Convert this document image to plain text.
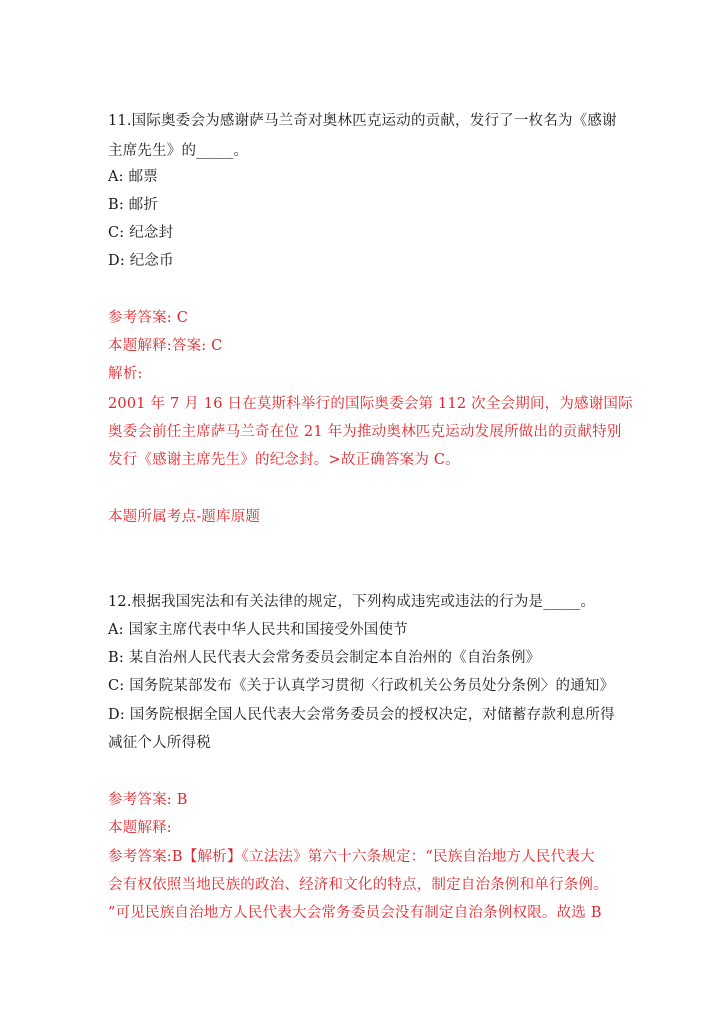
11.国际奥委会为感谢萨马兰奇对奥林匹克运动的贡献，发行了一枚名为《感谢
主席先生》的_____。
A: 邮票
B: 邮折
C: 纪念封
D: 纪念币
参考答案: C
本题解释:答案: C
解析:
2001 年 7 月 16 日在莫斯科举行的国际奥委会第 112 次全会期间，为感谢国际
奥委会前任主席萨马兰奇在位 21 年为推动奥林匹克运动发展所做出的贡献特别
发行《感谢主席先生》的纪念封。>故正确答案为 C。
本题所属考点-题库原题
12.根据我国宪法和有关法律的规定，下列构成违宪或违法的行为是_____。
A: 国家主席代表中华人民共和国接受外国使节
B: 某自治州人民代表大会常务委员会制定本自治州的《自治条例》
C: 国务院某部发布《关于认真学习贯彻〈行政机关公务员处分条例〉的通知》
D: 国务院根据全国人民代表大会常务委员会的授权决定，对储蓄存款利息所得
减征个人所得税
参考答案: B
本题解释:
参考答案:B【解析】《立法法》第六十六条规定：“民族自治地方人民代表大
会有权依照当地民族的政治、经济和文化的特点，制定自治条例和单行条例。
”可见民族自治地方人民代表大会常务委员会没有制定自治条例权限。故选 B
